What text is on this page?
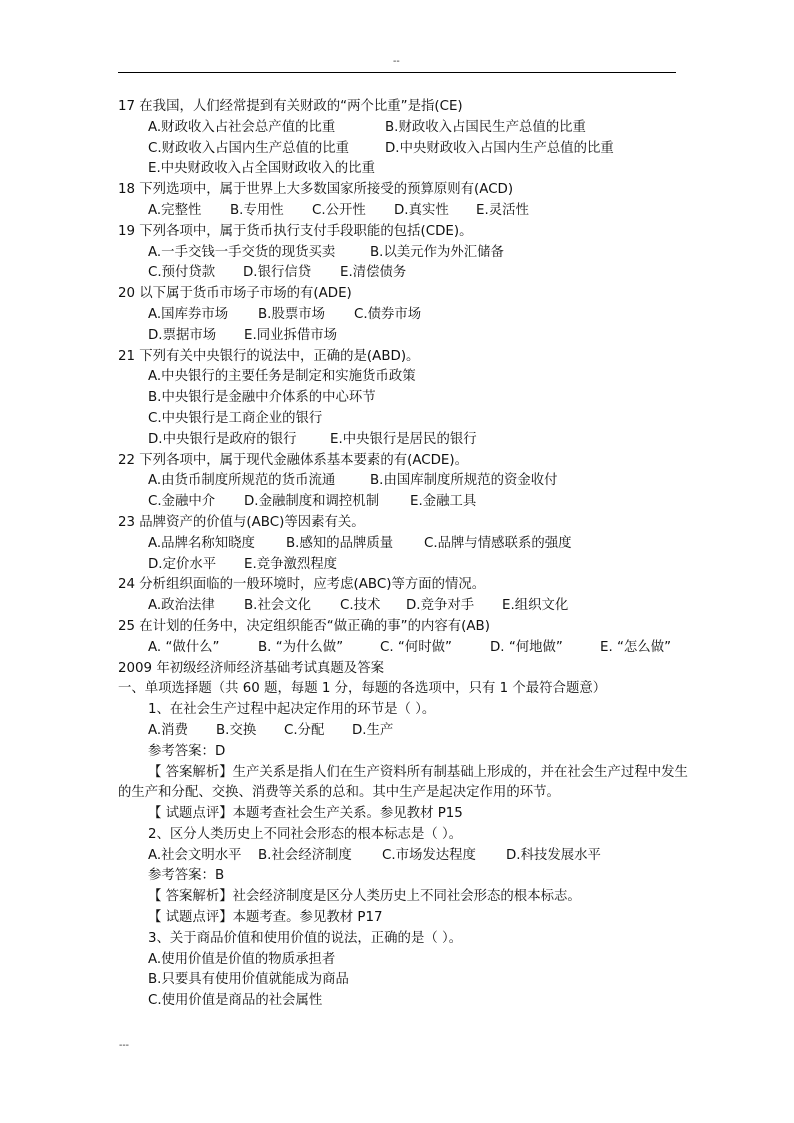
--
17 在我国，人们经常提到有关财政的“两个比重”是指(CE)
A.财政收入占社会总产值的比重	B.财政收入占国民生产总值的比重
C.财政收入占国内生产总值的比重	D.中央财政收入占国内生产总值的比重
E.中央财政收入占全国财政收入的比重
18 下列选项中，属于世界上大多数国家所接受的预算原则有(ACD)
A.完整性 B.专用性 C.公开性 D.真实性 E.灵活性
19 下列各项中，属于货币执行支付手段职能的包括(CDE)。
A.一手交钱一手交货的现货买卖	B.以美元作为外汇储备
C.预付贷款 D.银行信贷 E.清偿债务
20 以下属于货币市场子市场的有(ADE)
A.国库券市场 B.股票市场 C.债券市场
D.票据市场 E.同业拆借市场
21 下列有关中央银行的说法中，正确的是(ABD)。
A.中央银行的主要任务是制定和实施货币政策
B.中央银行是金融中介体系的中心环节
C.中央银行是工商企业的银行
D.中央银行是政府的银行	E.中央银行是居民的银行
22 下列各项中，属于现代金融体系基本要素的有(ACDE)。
A.由货币制度所规范的货币流通	B.由国库制度所规范的资金收付
C.金融中介 D.金融制度和调控机制 E.金融工具
23 品牌资产的价值与(ABC)等因素有关。
A.品牌名称知晓度 B.感知的品牌质量 C.品牌与情感联系的强度
D.定价水平 E.竞争激烈程度
24 分析组织面临的一般环境时，应考虑(ABC)等方面的情况。
A.政治法律 B.社会文化 C.技术 D.竞争对手 E.组织文化
25 在计划的任务中，决定组织能否“做正确的事”的内容有(AB)
A. “做什么”	B. “为什么做”	C. “何时做”	D. “何地做”	E. “怎么做”
2009 年初级经济师经济基础考试真题及答案
一、单项选择题（共 60 题，每题 1 分，每题的各选项中，只有 1 个最符合题意）
1、在社会生产过程中起决定作用的环节是（ ）。
A.消费 B.交换 C.分配 D.生产
参考答案：D
【 答案解析】生产关系是指人们在生产资料所有制基础上形成的，并在社会生产过程中发生的生产和分配、交换、消费等关系的总和。其中生产是起决定作用的环节。
【 试题点评】本题考查社会生产关系。参见教材 P15
2、区分人类历史上不同社会形态的根本标志是（ ）。
A.社会文明水平 B.社会经济制度 C.市场发达程度 D.科技发展水平
参考答案：B
【 答案解析】社会经济制度是区分人类历史上不同社会形态的根本标志。
【 试题点评】本题考查。参见教材 P17
3、关于商品价值和使用价值的说法，正确的是（ ）。
A.使用价值是价值的物质承担者
B.只要具有使用价值就能成为商品
C.使用价值是商品的社会属性
---
